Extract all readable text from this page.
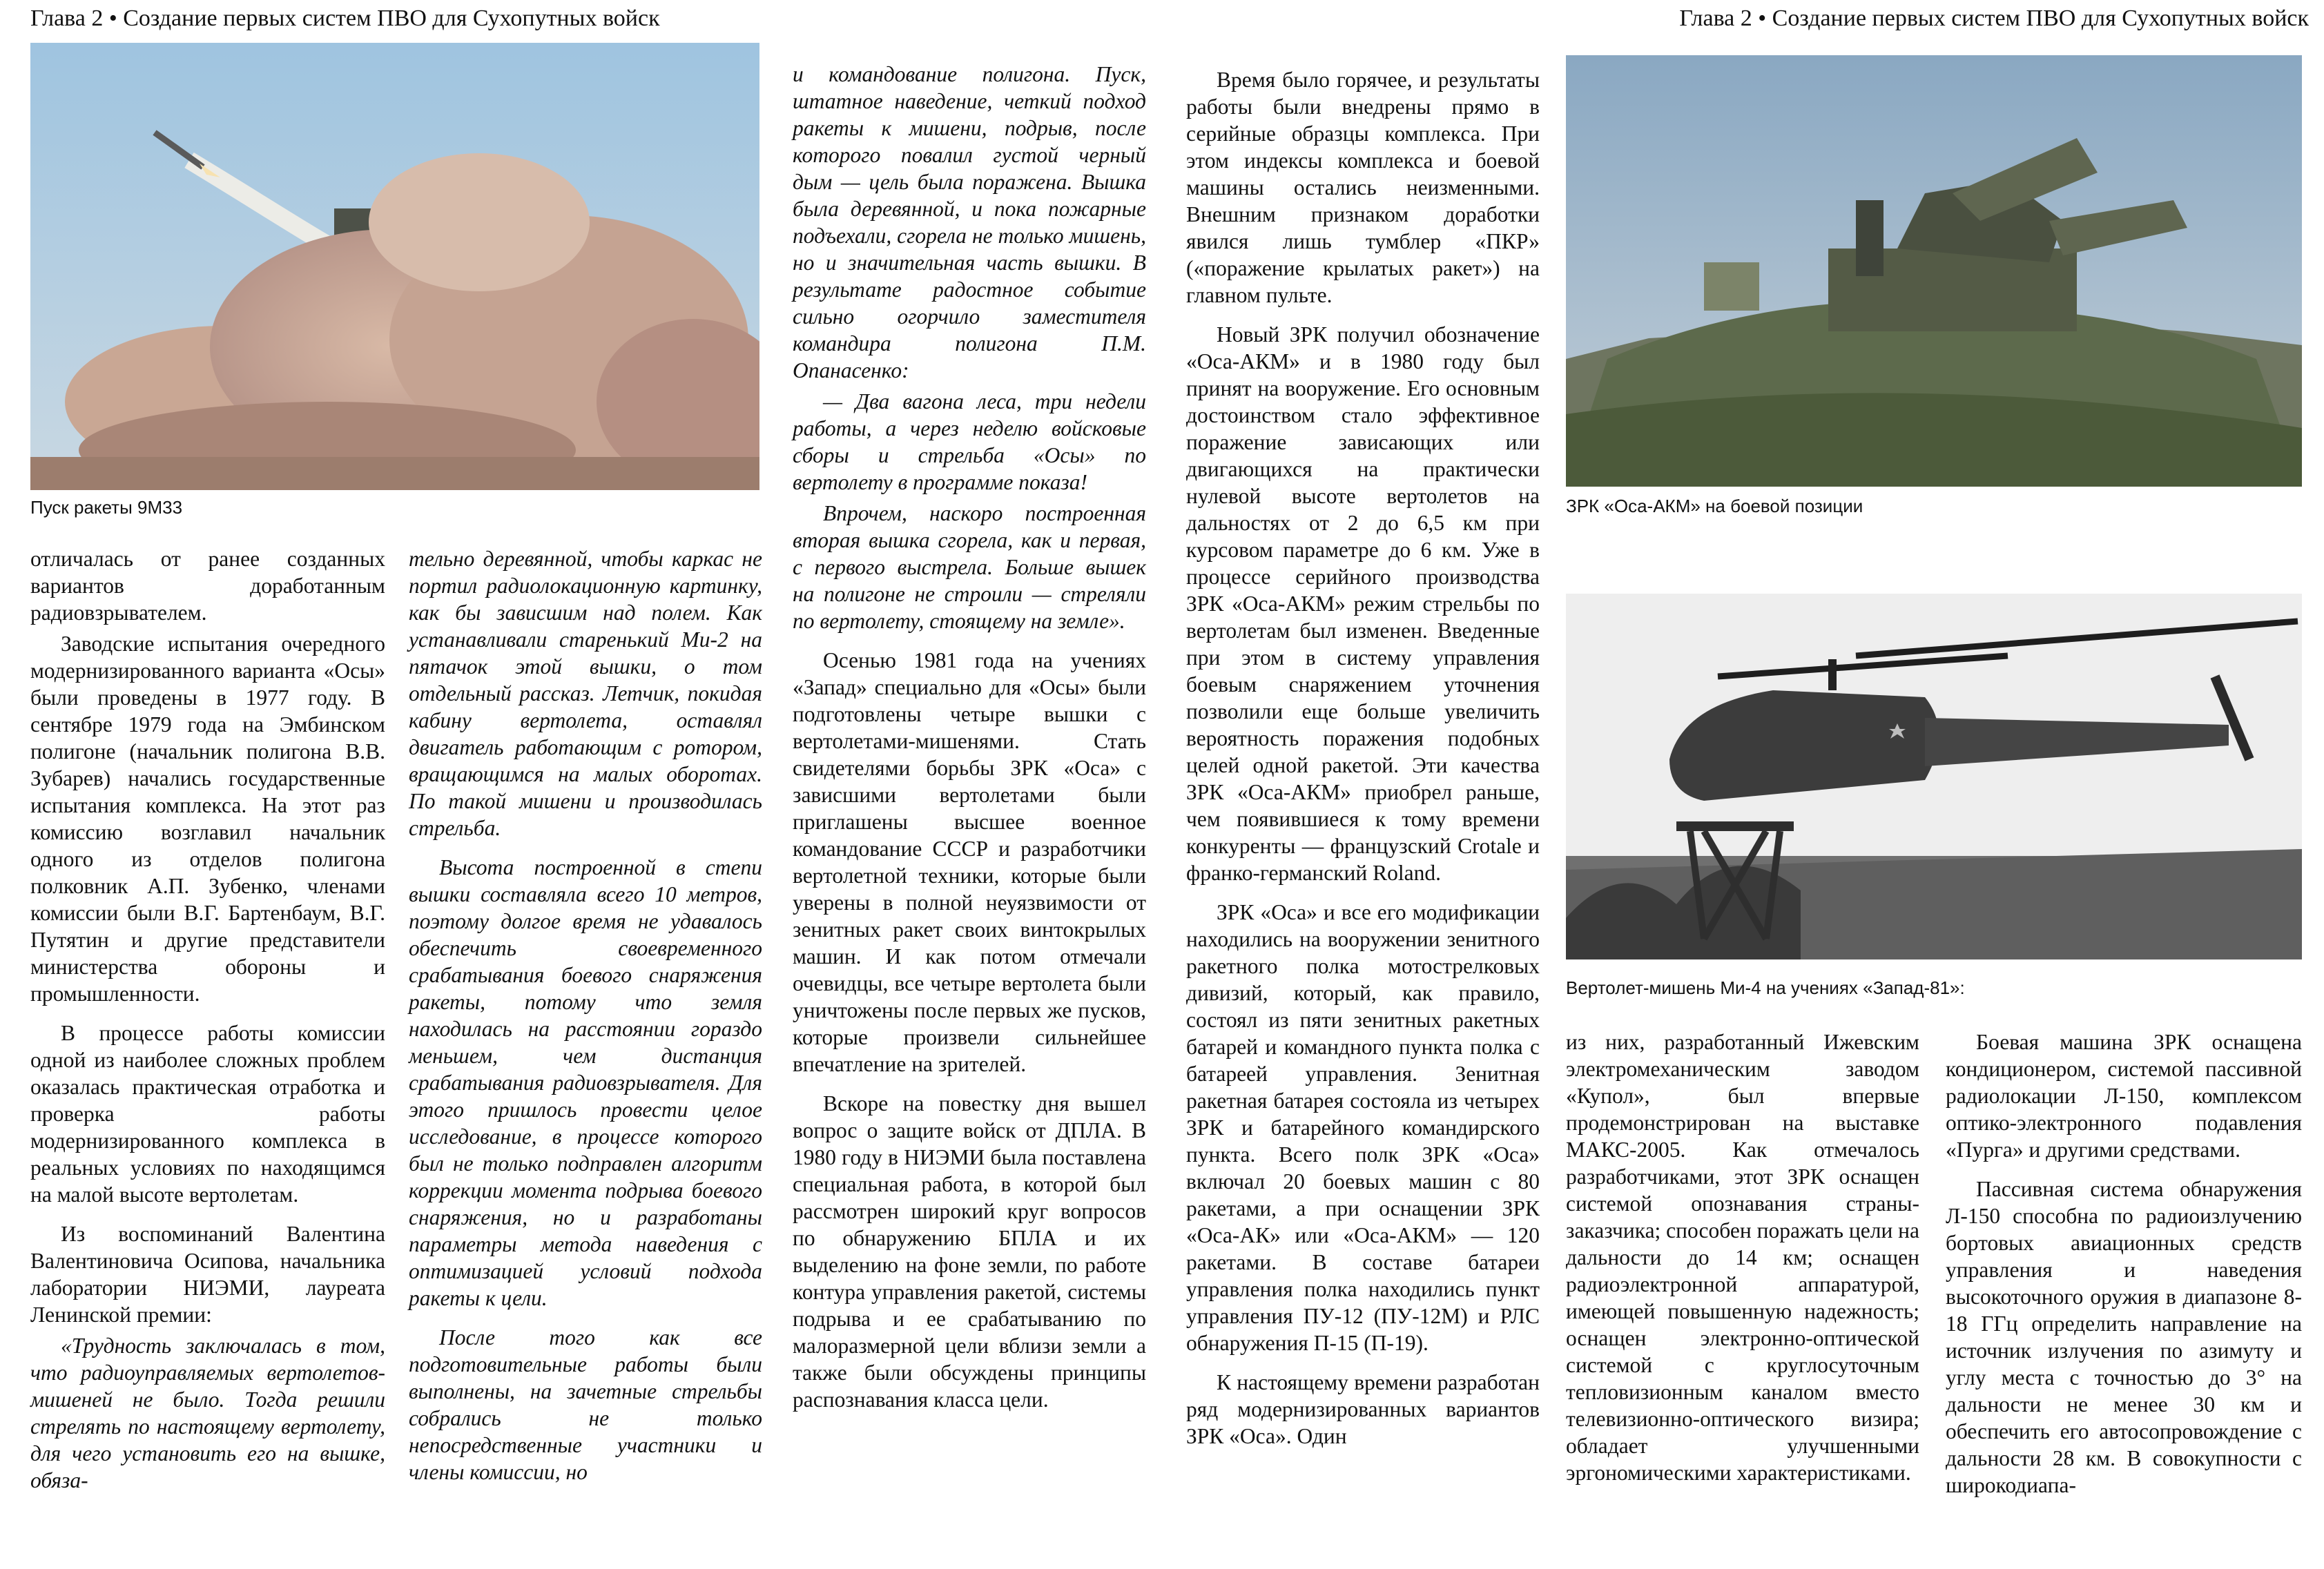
Глава 2 • Создание первых систем ПВО для Сухопутных войск	Глава 2 • Создание первых систем ПВО для Сухопутных войск
Пуск ракеты 9М33	ЗРК «Оса-АКМ» на боевой позиции
Вертолет-мишень Ми-4 на учениях «Запад-81»:

отличалась от ранее созданных вариантов доработанным радиовзрывателем.

Заводские испытания очередного модернизированного варианта «Осы» были проведены в 1977 году. В сентябре 1979 года на Эмбинском полигоне (начальник полигона В.В. Зубарев) начались государственные испытания комплекса. На этот раз комиссию возглавил начальник одного из отделов полигона полковник А.П. Зубенко, членами комиссии были В.Г. Бартенбаум, В.Г. Путятин и другие представители министерства обороны и промышленности.

В процессе работы комиссии одной из наиболее сложных проблем оказалась практическая отработка и проверка работы модернизированного комплекса в реальных условиях по находящимся на малой высоте вертолетам.

Из воспоминаний Валентина Валентиновича Осипова, начальника лаборатории НИЭМИ, лауреата Ленинской премии:

«Трудность заключалась в том, что радиоуправляемых вертолетов-мишеней не было. Тогда решили стрелять по настоящему вертолету, для чего установить его на вышке, обяза-

тельно деревянной, чтобы каркас не портил радиолокационную картинку, как бы зависшим над полем. Как устанавливали старенький Ми-2 на пятачок этой вышки, о том отдельный рассказ. Летчик, покидая кабину вертолета, оставлял двигатель работающим с ротором, вращающимся на малых оборотах. По такой мишени и производилась стрельба.

Высота построенной в степи вышки составляла всего 10 метров, поэтому долгое время не удавалось обеспечить своевременного срабатывания боевого снаряжения ракеты, потому что земля находилась на расстоянии гораздо меньшем, чем дистанция срабатывания радиовзрывателя. Для этого пришлось провести целое исследование, в процессе которого был не только подправлен алгоритм коррекции момента подрыва боевого снаряжения, но и разработаны параметры метода наведения с оптимизацией условий подхода ракеты к цели.

После того как все подготовительные работы были выполнены, на зачетные стрельбы собрались не только непосредственные участники и члены комиссии, но

и командование полигона. Пуск, штатное наведение, четкий подход ракеты к мишени, подрыв, после которого повалил густой черный дым — цель была поражена. Вышка была деревянной, и пока пожарные подъехали, сгорела не только мишень, но и значительная часть вышки. В результате радостное событие сильно огорчило заместителя командира полигона П.М. Опанасенко:

— Два вагона леса, три недели работы, а через неделю войсковые сборы и стрельба «Осы» по вертолету в программе показа!

Впрочем, наскоро построенная вторая вышка сгорела, как и первая, с первого выстрела. Больше вышек на полигоне не строили — стреляли по вертолету, стоящему на земле».

Осенью 1981 года на учениях «Запад» специально для «Осы» были подготовлены четыре вышки с вертолетами-мишенями. Стать свидетелями борьбы ЗРК «Оса» с зависшими вертолетами были приглашены высшее военное командование СССР и разработчики вертолетной техники, которые были уверены в полной неуязвимости от зенитных ракет своих винтокрылых машин. И как потом отмечали очевидцы, все четыре вертолета были уничтожены после первых же пусков, которые произвели сильнейшее впечатление на зрителей.

Вскоре на повестку дня вышел вопрос о защите войск от ДПЛА. В 1980 году в НИЭМИ была поставлена специальная работа, в которой был рассмотрен широкий круг вопросов по обнаружению БПЛА и их выделению на фоне земли, по работе контура управления ракетой, системы подрыва и ее срабатыванию по малоразмерной цели вблизи земли а также были обсуждены принципы распознавания класса цели.

Время было горячее, и результаты работы были внедрены прямо в серийные образцы комплекса. При этом индексы комплекса и боевой машины остались неизменными. Внешним признаком доработки явился лишь тумблер «ПКР» («поражение крылатых ракет») на главном пульте.

Новый ЗРК получил обозначение «Оса-АКМ» и в 1980 году был принят на вооружение. Его основным достоинством стало эффективное поражение зависающих или двигающихся на практически нулевой высоте вертолетов на дальностях от 2 до 6,5 км при курсовом параметре до 6 км. Уже в процессе серийного производства ЗРК «Оса-АКМ» режим стрельбы по вертолетам был изменен. Введенные при этом в систему управления боевым снаряжением уточнения позволили еще больше увеличить вероятность поражения подобных целей одной ракетой. Эти качества ЗРК «Оса-АКМ» приобрел раньше, чем появившиеся к тому времени конкуренты — французский Crotale и франко-германский Roland.

ЗРК «Оса» и все его модификации находились на вооружении зенитного ракетного полка мотострелковых дивизий, который, как правило, состоял из пяти зенитных ракетных батарей и командного пункта полка с батареей управления. Зенитная ракетная батарея состояла из четырех ЗРК и батарейного командирского пункта. Всего полк ЗРК «Оса» включал 20 боевых машин с 80 ракетами, а при оснащении ЗРК «Оса-АК» или «Оса-АКМ» — 120 ракетами. В составе батареи управления полка находились пункт управления ПУ-12 (ПУ-12М) и РЛС обнаружения П-15 (П-19).

К настоящему времени разработан ряд модернизированных вариантов ЗРК «Оса». Один

из них, разработанный Ижевским электромеханическим заводом «Купол», был впервые продемонстрирован на выставке МАКС-2005. Как отмечалось разработчиками, этот ЗРК оснащен системой опознавания страны-заказчика; способен поражать цели на дальности до 14 км; оснащен радиоэлектронной аппаратурой, имеющей повышенную надежность; оснащен электронно-оптической системой с круглосуточным тепловизионным каналом вместо телевизионно-оптического визира; обладает улучшенными эргономическими характеристиками.

Боевая машина ЗРК оснащена кондиционером, системой пассивной радиолокации Л-150, комплексом оптико-электронного подавления «Пурга» и другими средствами.

Пассивная система обнаружения Л-150 способна по радиоизлучению бортовых авиационных средств управления и наведения высокоточного оружия в диапазоне 8-18 ГГц определить направление на источник излучения по азимуту и углу места с точностью до 3° на дальности не менее 30 км и обеспечить его автосопровождение с дальности 28 км. В совокупности с широкодиапа-
